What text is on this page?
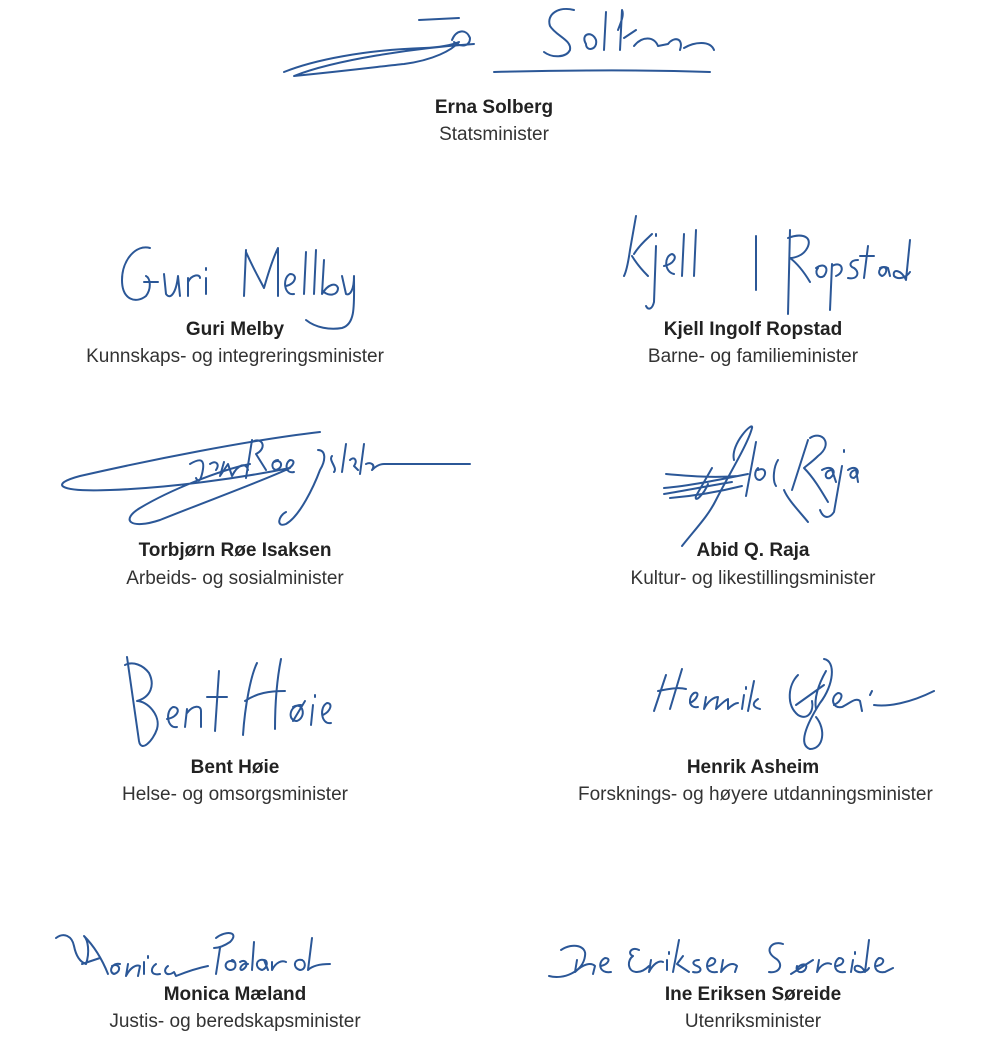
Erna Solberg
Statsminister
Guri Melby
Kunnskaps- og integreringsminister
Kjell Ingolf Ropstad
Barne- og familieminister
Torbjørn Røe Isaksen
Arbeids- og sosialminister
Abid Q. Raja
Kultur- og likestillingsminister
Bent Høie
Helse- og omsorgsminister
Henrik Asheim
Forsknings- og høyere utdanningsminister
Monica Mæland
Justis- og beredskapsminister
Ine Eriksen Søreide
Utenriksminister
